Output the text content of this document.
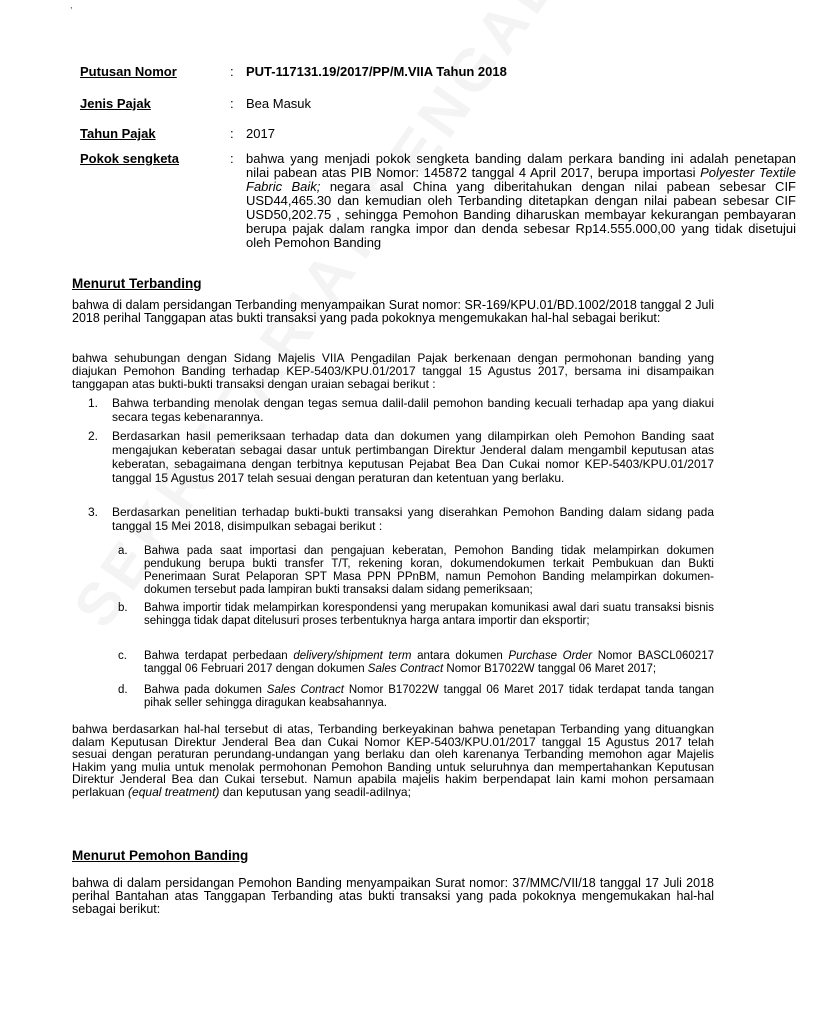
,
Putusan Nomor	: PUT-117131.19/2017/PP/M.VIIA Tahun 2018
Jenis Pajak	: Bea Masuk
Tahun Pajak	: 2017
Pokok sengketa	: bahwa yang menjadi pokok sengketa banding dalam perkara banding ini adalah penetapan nilai pabean atas PIB Nomor: 145872 tanggal 4 April 2017, berupa importasi Polyester Textile Fabric Baik; negara asal China yang diberitahukan dengan nilai pabean sebesar CIF USD44,465.30 dan kemudian oleh Terbanding ditetapkan dengan nilai pabean sebesar CIF USD50,202.75 , sehingga Pemohon Banding diharuskan membayar kekurangan pembayaran berupa pajak dalam rangka impor dan denda sebesar Rp14.555.000,00 yang tidak disetujui oleh Pemohon Banding
Menurut Terbanding
bahwa di dalam persidangan Terbanding menyampaikan Surat nomor: SR-169/KPU.01/BD.1002/2018 tanggal 2 Juli 2018 perihal Tanggapan atas bukti transaksi yang pada pokoknya mengemukakan hal-hal sebagai berikut:
bahwa sehubungan dengan Sidang Majelis VIIA Pengadilan Pajak berkenaan dengan permohonan banding yang diajukan Pemohon Banding terhadap KEP-5403/KPU.01/2017 tanggal 15 Agustus 2017, bersama ini disampaikan tanggapan atas bukti-bukti transaksi dengan uraian sebagai berikut :
1.	Bahwa terbanding menolak dengan tegas semua dalil-dalil pemohon banding kecuali terhadap apa yang diakui secara tegas kebenarannya.
2.	Berdasarkan hasil pemeriksaan terhadap data dan dokumen yang dilampirkan oleh Pemohon Banding saat mengajukan keberatan sebagai dasar untuk pertimbangan Direktur Jenderal dalam mengambil keputusan atas keberatan, sebagaimana dengan terbitnya keputusan Pejabat Bea Dan Cukai nomor KEP-5403/KPU.01/2017 tanggal 15 Agustus 2017 telah sesuai dengan peraturan dan ketentuan yang berlaku.
3.	Berdasarkan penelitian terhadap bukti-bukti transaksi yang diserahkan Pemohon Banding dalam sidang pada tanggal 15 Mei 2018, disimpulkan sebagai berikut :
a.	Bahwa pada saat importasi dan pengajuan keberatan, Pemohon Banding tidak melampirkan dokumen pendukung berupa bukti transfer T/T, rekening koran, dokumendokumen terkait Pembukuan dan Bukti Penerimaan Surat Pelaporan SPT Masa PPN PPnBM, namun Pemohon Banding melampirkan dokumen-dokumen tersebut pada lampiran bukti transaksi dalam sidang pemeriksaan;
b.	Bahwa importir tidak melampirkan korespondensi yang merupakan komunikasi awal dari suatu transaksi bisnis sehingga tidak dapat ditelusuri proses terbentuknya harga antara importir dan eksportir;
c.	Bahwa terdapat perbedaan delivery/shipment term antara dokumen Purchase Order Nomor BASCL060217 tanggal 06 Februari 2017 dengan dokumen Sales Contract Nomor B17022W tanggal 06 Maret 2017;
d.	Bahwa pada dokumen Sales Contract Nomor B17022W tanggal 06 Maret 2017 tidak terdapat tanda tangan pihak seller sehingga diragukan keabsahannya.
bahwa berdasarkan hal-hal tersebut di atas, Terbanding berkeyakinan bahwa penetapan Terbanding yang dituangkan dalam Keputusan Direktur Jenderal Bea dan Cukai Nomor KEP-5403/KPU.01/2017 tanggal 15 Agustus 2017 telah sesuai dengan peraturan perundang-undangan yang berlaku dan oleh karenanya Terbanding memohon agar Majelis Hakim yang mulia untuk menolak permohonan Pemohon Banding untuk seluruhnya dan mempertahankan Keputusan Direktur Jenderal Bea dan Cukai tersebut. Namun apabila majelis hakim berpendapat lain kami mohon persamaan perlakuan (equal treatment) dan keputusan yang seadil-adilnya;
Menurut Pemohon Banding
bahwa di dalam persidangan Pemohon Banding menyampaikan Surat nomor: 37/MMC/VII/18 tanggal 17 Juli 2018 perihal Bantahan atas Tanggapan Terbanding atas bukti transaksi yang pada pokoknya mengemukakan hal-hal sebagai berikut:
